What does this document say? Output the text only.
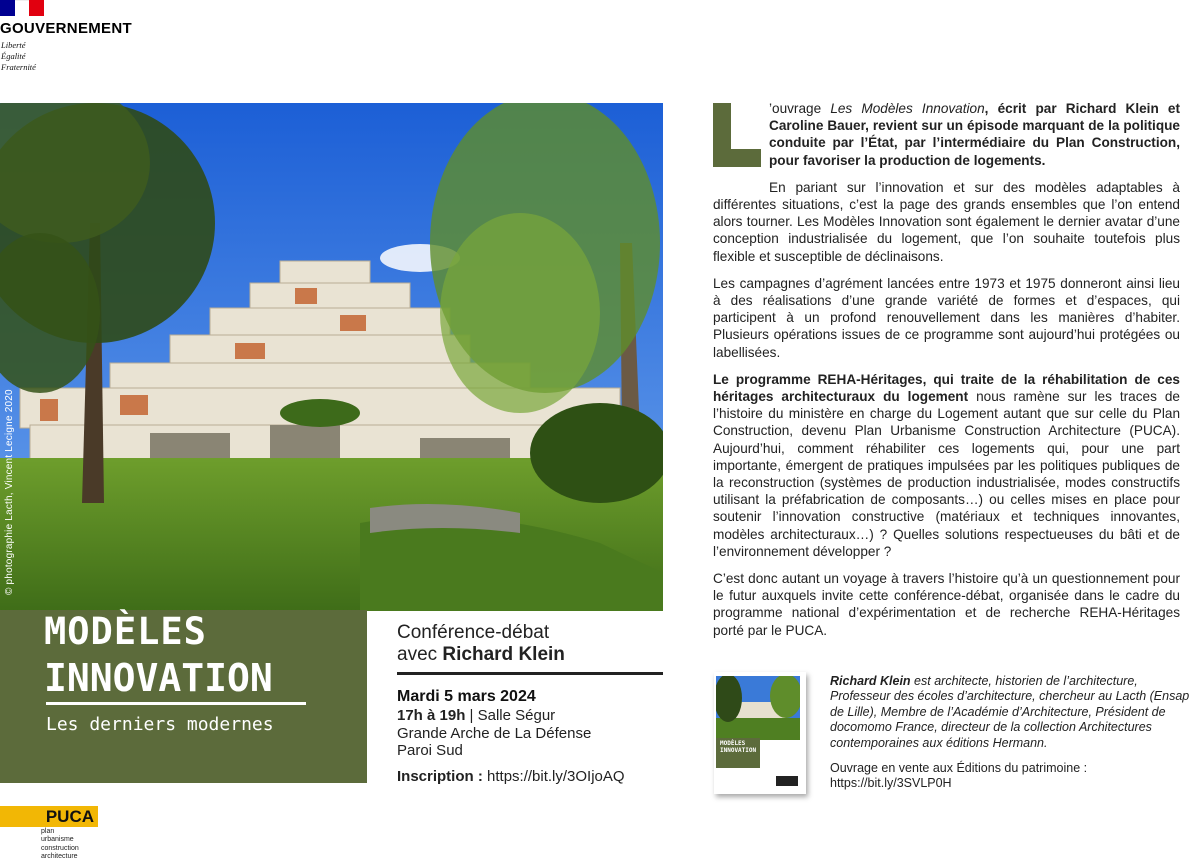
GOUVERNEMENT
Liberté
Égalité
Fraternité
© photographie Lacth, Vincent Lecigne 2020
MODÈLES
INNOVATION
Les derniers modernes
Conférence-débat
avec Richard Klein
Mardi 5 mars 2024
17h à 19h | Salle Ségur
Grande Arche de La Défense
Paroi Sud
Inscription : https://bit.ly/3OIjoAQ
PUCA
plan
urbanisme
construction
architecture

’ouvrage Les Modèles Innovation, écrit par Richard Klein et Caroline Bauer, revient sur un épisode marquant de la politique conduite par l’État, par l’intermédiaire du Plan Construction, pour favoriser la production de logements.

En pariant sur l’innovation et sur des modèles adaptables à différentes situations, c’est la page des grands ensembles que l’on entend alors tourner. Les Modèles Innovation sont également le dernier avatar d’une conception industrialisée du logement, que l’on souhaite toutefois plus flexible et susceptible de déclinaisons.

Les campagnes d’agrément lancées entre 1973 et 1975 donneront ainsi lieu à des réalisations d’une grande variété de formes et d’espaces, qui participent à un profond renouvellement dans les manières d’habiter. Plusieurs opérations issues de ce programme sont aujourd’hui protégées ou labellisées.

Le programme REHA-Héritages, qui traite de la réhabilitation de ces héritages architecturaux du logement nous ramène sur les traces de l’histoire du ministère en charge du Logement autant que sur celle du Plan Construction, devenu Plan Urbanisme Construction Architecture (PUCA). Aujourd’hui, comment réhabiliter ces logements qui, pour une part importante, émergent de pratiques impulsées par les politiques publiques de la reconstruction (systèmes de production industrialisée, modes constructifs utilisant la préfabrication de composants…) ou celles mises en place pour soutenir l’innovation constructive (matériaux et techniques innovantes, modèles architecturaux…) ? Quelles solutions respectueuses du bâti et de l’environnement développer ?

C’est donc autant un voyage à travers l’histoire qu’à un questionnement pour le futur auxquels invite cette conférence-débat, organisée dans le cadre du programme national d’expérimentation et de recherche REHA-Héritages porté par le PUCA.

MODÈLES
INNOVATION
Richard Klein est architecte, historien de l’architecture, Professeur des écoles d’architecture, chercheur au Lacth (Ensap de Lille), Membre de l’Académie d’Architecture, Président de docomomo France, directeur de la collection Architectures contemporaines aux éditions Hermann.
Ouvrage en vente aux Éditions du patrimoine :
https://bit.ly/3SVLP0H
